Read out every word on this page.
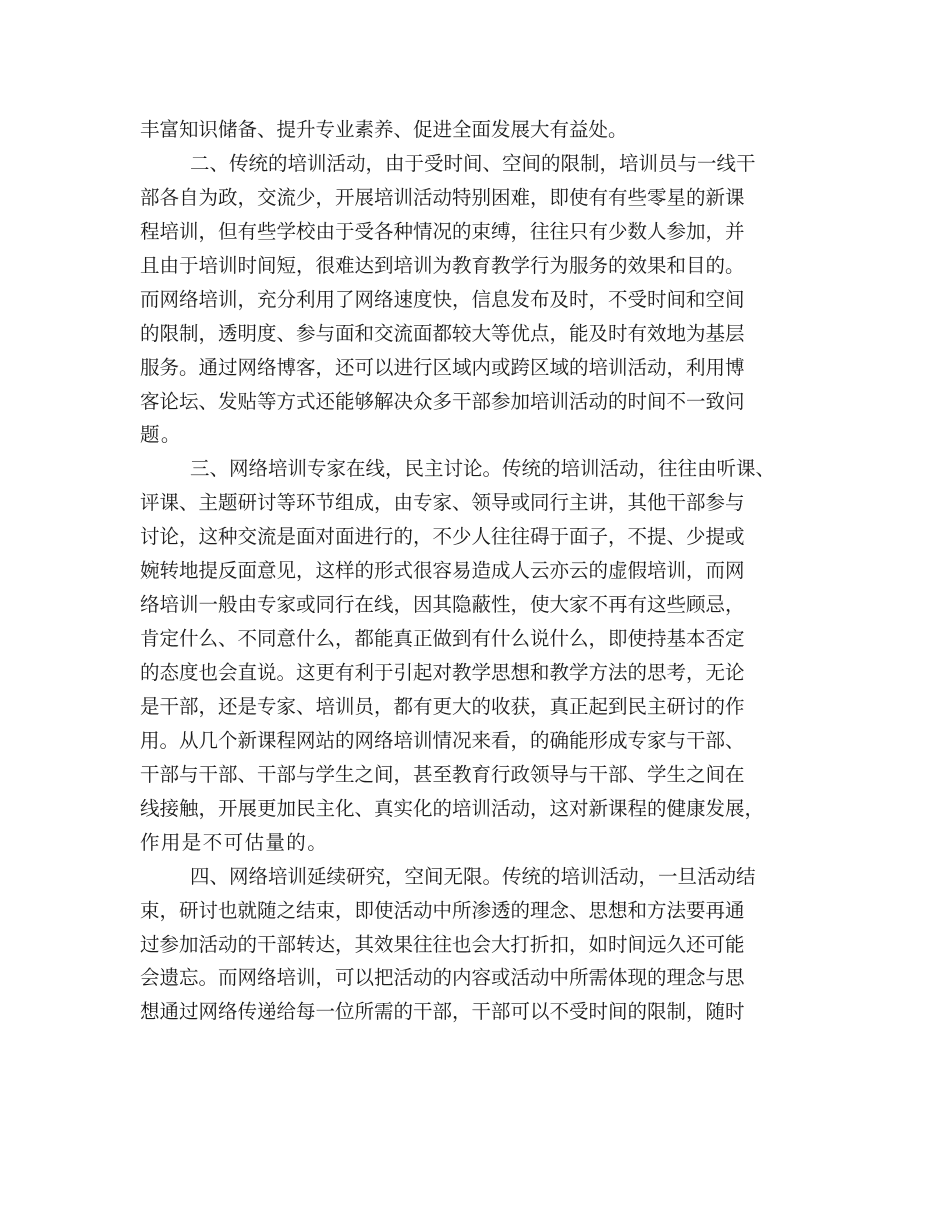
丰富知识储备、提升专业素养、促进全面发展大有益处。
二、传统的培训活动，由于受时间、空间的限制，培训员与一线干
部各自为政，交流少，开展培训活动特别困难，即使有有些零星的新课
程培训，但有些学校由于受各种情况的束缚，往往只有少数人参加，并
且由于培训时间短，很难达到培训为教育教学行为服务的效果和目的。
而网络培训，充分利用了网络速度快，信息发布及时，不受时间和空间
的限制，透明度、参与面和交流面都较大等优点，能及时有效地为基层
服务。通过网络博客，还可以进行区域内或跨区域的培训活动，利用博
客论坛、发贴等方式还能够解决众多干部参加培训活动的时间不一致问
题。
三、网络培训专家在线，民主讨论。传统的培训活动，往往由听课、
评课、主题研讨等环节组成，由专家、领导或同行主讲，其他干部参与
讨论，这种交流是面对面进行的，不少人往往碍于面子，不提、少提或
婉转地提反面意见，这样的形式很容易造成人云亦云的虚假培训，而网
络培训一般由专家或同行在线，因其隐蔽性，使大家不再有这些顾忌，
肯定什么、不同意什么，都能真正做到有什么说什么，即使持基本否定
的态度也会直说。这更有利于引起对教学思想和教学方法的思考，无论
是干部，还是专家、培训员，都有更大的收获，真正起到民主研讨的作
用。从几个新课程网站的网络培训情况来看，的确能形成专家与干部、
干部与干部、干部与学生之间，甚至教育行政领导与干部、学生之间在
线接触，开展更加民主化、真实化的培训活动，这对新课程的健康发展，
作用是不可估量的。
四、网络培训延续研究，空间无限。传统的培训活动，一旦活动结
束，研讨也就随之结束，即使活动中所渗透的理念、思想和方法要再通
过参加活动的干部转达，其效果往往也会大打折扣，如时间远久还可能
会遗忘。而网络培训，可以把活动的内容或活动中所需体现的理念与思
想通过网络传递给每一位所需的干部，干部可以不受时间的限制，随时
